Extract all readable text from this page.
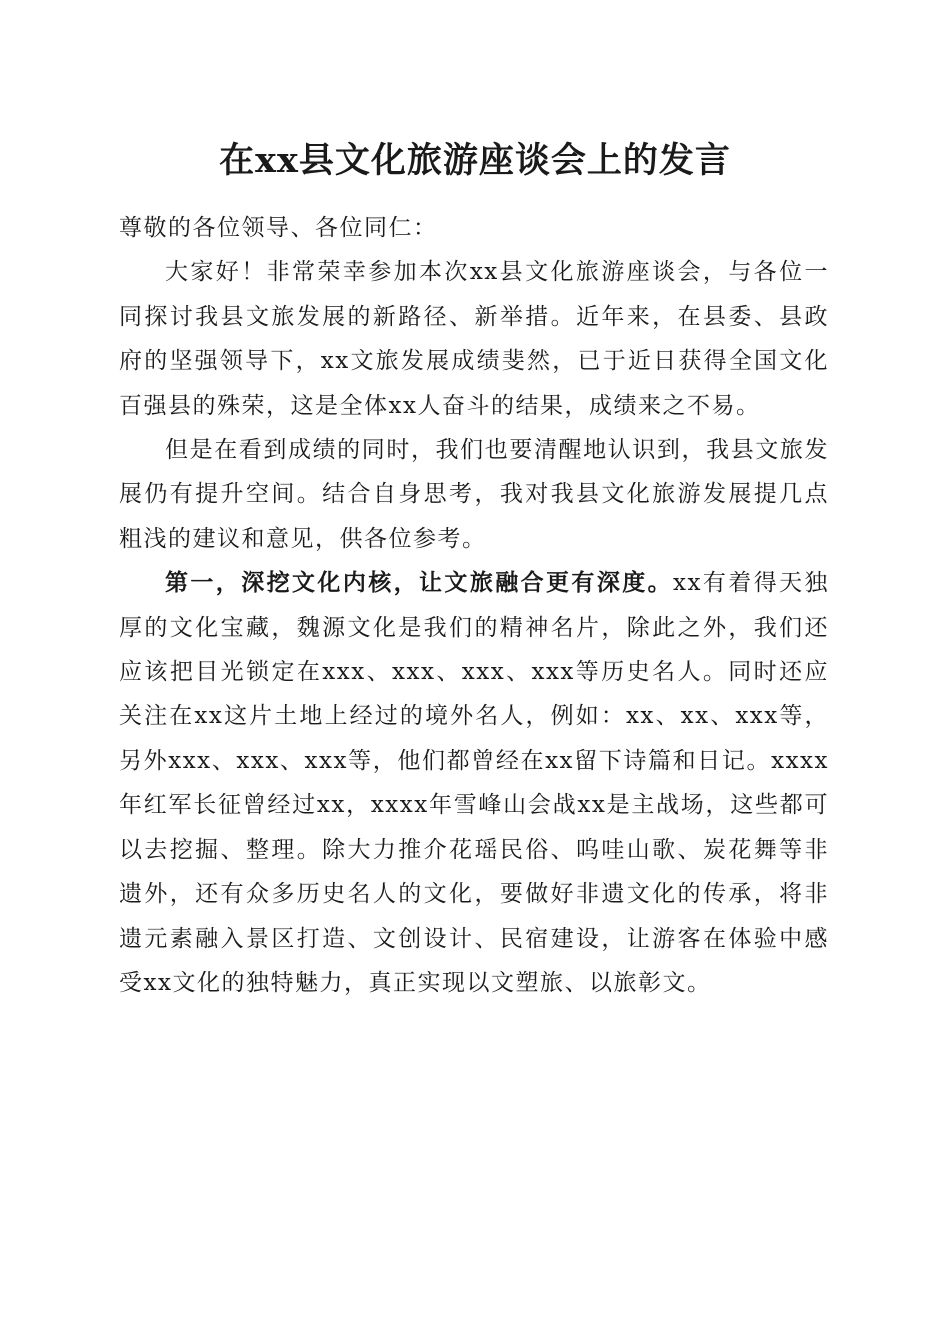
在xx县文化旅游座谈会上的发言

尊敬的各位领导、各位同仁：

大家好！非常荣幸参加本次xx县文化旅游座谈会，与各位一同探讨我县文旅发展的新路径、新举措。近年来，在县委、县政府的坚强领导下，xx文旅发展成绩斐然，已于近日获得全国文化百强县的殊荣，这是全体xx人奋斗的结果，成绩来之不易。

但是在看到成绩的同时，我们也要清醒地认识到，我县文旅发展仍有提升空间。结合自身思考，我对我县文化旅游发展提几点粗浅的建议和意见，供各位参考。

第一，深挖文化内核，让文旅融合更有深度。xx有着得天独厚的文化宝藏，魏源文化是我们的精神名片，除此之外，我们还应该把目光锁定在xxx、xxx、xxx、xxx等历史名人。同时还应关注在xx这片土地上经过的境外名人，例如：xx、xx、xxx等，另外xxx、xxx、xxx等，他们都曾经在xx留下诗篇和日记。xxxx年红军长征曾经过xx，xxxx年雪峰山会战xx是主战场，这些都可以去挖掘、整理。除大力推介花瑶民俗、呜哇山歌、炭花舞等非遗外，还有众多历史名人的文化，要做好非遗文化的传承，将非遗元素融入景区打造、文创设计、民宿建设，让游客在体验中感受xx文化的独特魅力，真正实现以文塑旅、以旅彰文。
